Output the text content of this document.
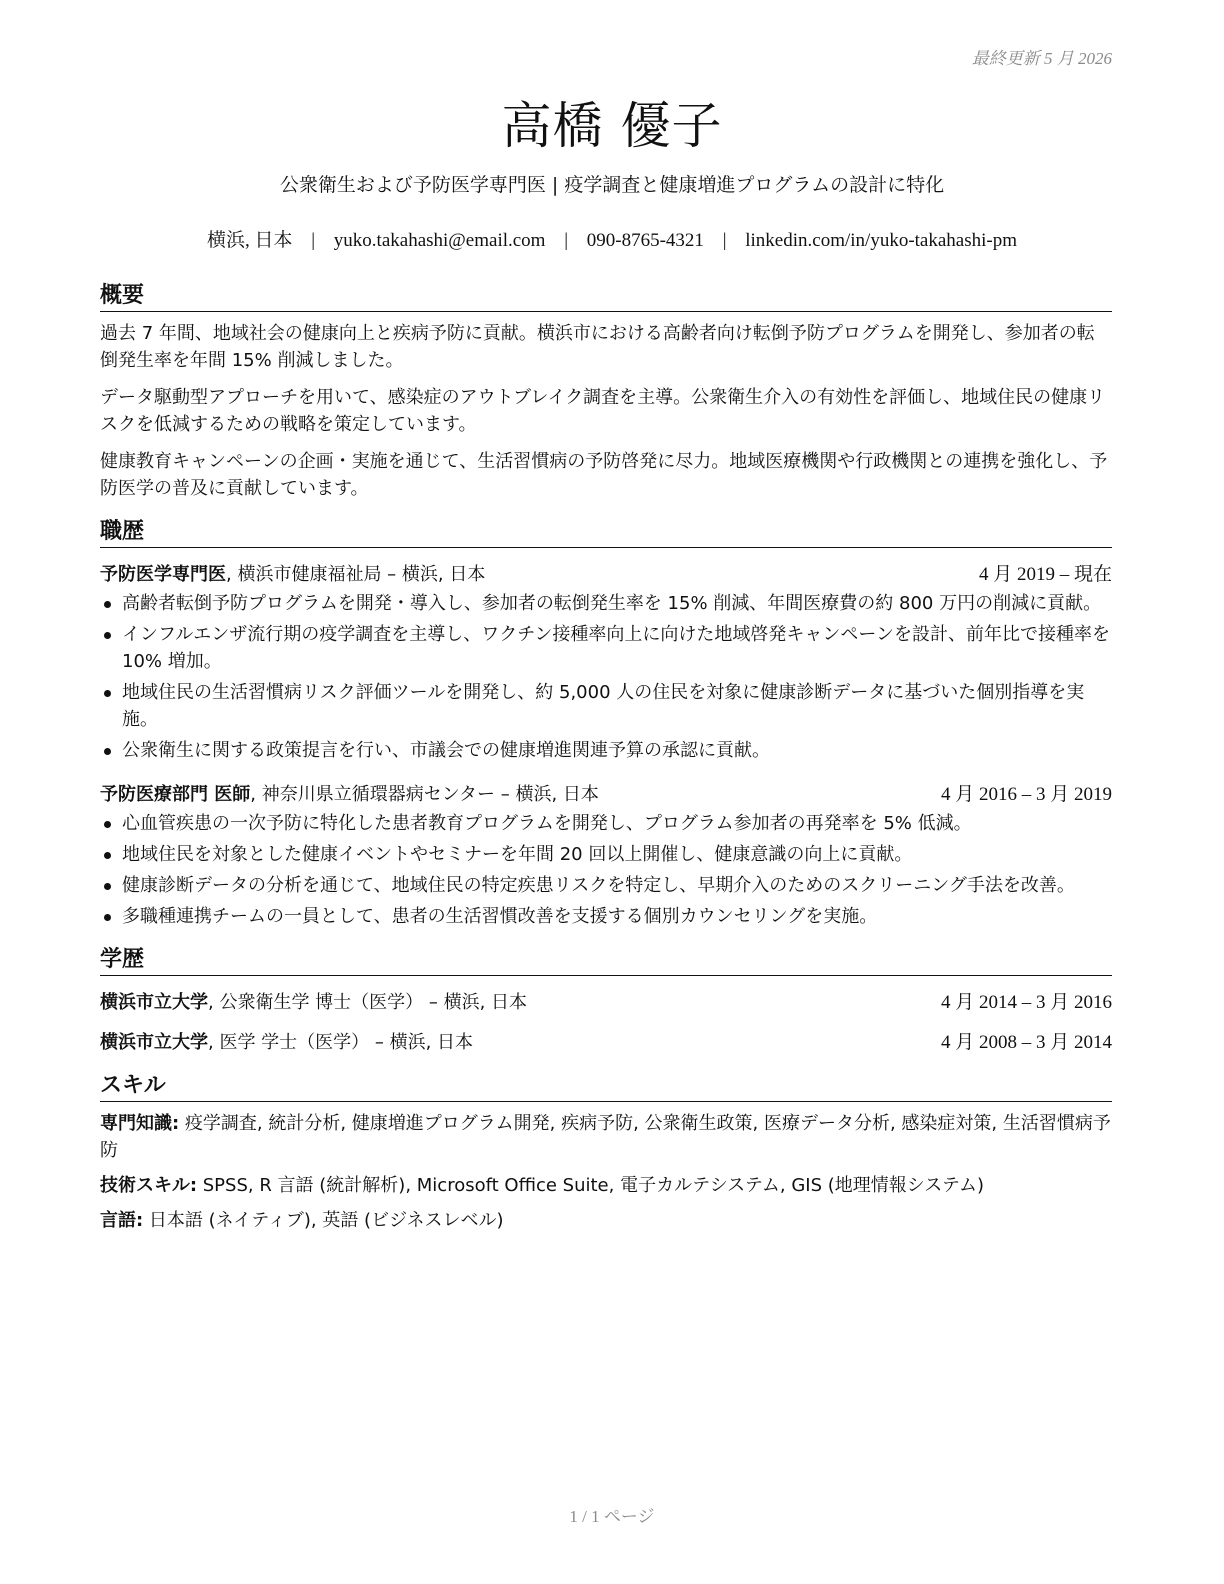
最終更新 5 月 2026
高橋 優子
公衆衛生および予防医学専門医 | 疫学調査と健康増進プログラムの設計に特化
横浜, 日本 | yuko.takahashi@email.com | 090-8765-4321 | linkedin.com/in/yuko-takahashi-pm
概要

過去 7 年間、地域社会の健康向上と疾病予防に貢献。横浜市における高齢者向け転倒予防プログラムを開発し、参加者の転倒発生率を年間 15% 削減しました。

データ駆動型アプローチを用いて、感染症のアウトブレイク調査を主導。公衆衛生介入の有効性を評価し、地域住民の健康リスクを低減するための戦略を策定しています。

健康教育キャンペーンの企画・実施を通じて、生活習慣病の予防啓発に尽力。地域医療機関や行政機関との連携を強化し、予防医学の普及に貢献しています。

職歴
予防医学専門医, 横浜市健康福祉局 – 横浜, 日本	4 月 2019 – 現在
高齢者転倒予防プログラムを開発・導入し、参加者の転倒発生率を 15% 削減、年間医療費の約 800 万円の削減に貢献。
インフルエンザ流行期の疫学調査を主導し、ワクチン接種率向上に向けた地域啓発キャンペーンを設計、前年比で接種率を 10% 増加。
地域住民の生活習慣病リスク評価ツールを開発し、約 5,000 人の住民を対象に健康診断データに基づいた個別指導を実施。
公衆衛生に関する政策提言を行い、市議会での健康増進関連予算の承認に貢献。
予防医療部門 医師, 神奈川県立循環器病センター – 横浜, 日本	4 月 2016 – 3 月 2019
心血管疾患の一次予防に特化した患者教育プログラムを開発し、プログラム参加者の再発率を 5% 低減。
地域住民を対象とした健康イベントやセミナーを年間 20 回以上開催し、健康意識の向上に貢献。
健康診断データの分析を通じて、地域住民の特定疾患リスクを特定し、早期介入のためのスクリーニング手法を改善。
多職種連携チームの一員として、患者の生活習慣改善を支援する個別カウンセリングを実施。
学歴
横浜市立大学, 公衆衛生学 博士（医学） – 横浜, 日本	4 月 2014 – 3 月 2016
横浜市立大学, 医学 学士（医学） – 横浜, 日本	4 月 2008 – 3 月 2014
スキル
専門知識: 疫学調査, 統計分析, 健康増進プログラム開発, 疾病予防, 公衆衛生政策, 医療データ分析, 感染症対策, 生活習慣病予防
技術スキル: SPSS, R 言語 (統計解析), Microsoft Office Suite, 電子カルテシステム, GIS (地理情報システム)
言語: 日本語 (ネイティブ), 英語 (ビジネスレベル)
1 / 1 ページ
